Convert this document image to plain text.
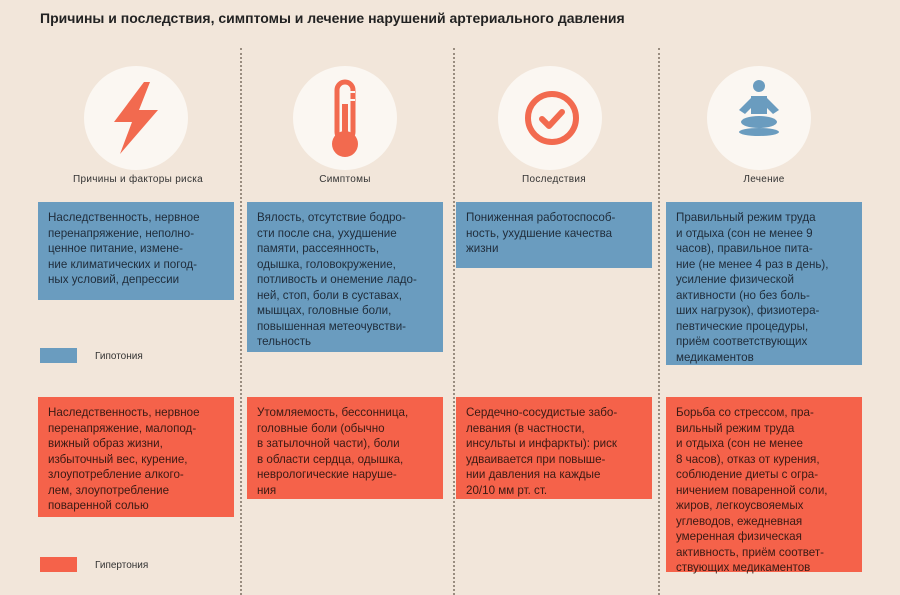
Причины и последствия, симптомы и лечение нарушений артериального давления
Причины и факторы риска	Симптомы	Последствия	Лечение
Наследственность, нервное
перенапряжение, неполно-
ценное питание, измене-
ние климатических и погод-
ных условий, депрессии
Вялость, отсутствие бодро-
сти после сна, ухудшение
памяти, рассеянность,
одышка, головокружение,
потливость и онемение ладо-
ней, стоп, боли в суставах,
мышцах, головные боли,
повышенная метеочувстви-
тельность
Пониженная работоспособ-
ность, ухудшение качества
жизни
Правильный режим труда
и отдыха (сон не менее 9
часов), правильное пита-
ние (не менее 4 раз в день),
усиление физической
активности (но без боль-
ших нагрузок), физиотера-
певтические процедуры,
приём соответствующих
медикаментов
Гипотония
Наследственность, нервное
перенапряжение, малопод-
вижный образ жизни,
избыточный вес, курение,
злоупотребление алкого-
лем, злоупотребление
поваренной солью
Утомляемость, бессонница,
головные боли (обычно
в затылочной части), боли
в области сердца, одышка,
неврологические наруше-
ния
Сердечно-сосудистые забо-
левания (в частности,
инсульты и инфаркты): риск
удваивается при повыше-
нии давления на каждые
20/10 мм рт. ст.
Борьба со стрессом, пра-
вильный режим труда
и отдыха (сон не менее
8 часов), отказ от курения,
соблюдение диеты с огра-
ничением поваренной соли,
жиров, легкоусвояемых
углеводов, ежедневная
умеренная физическая
активность, приём соответ-
ствующих медикаментов
Гипертония
